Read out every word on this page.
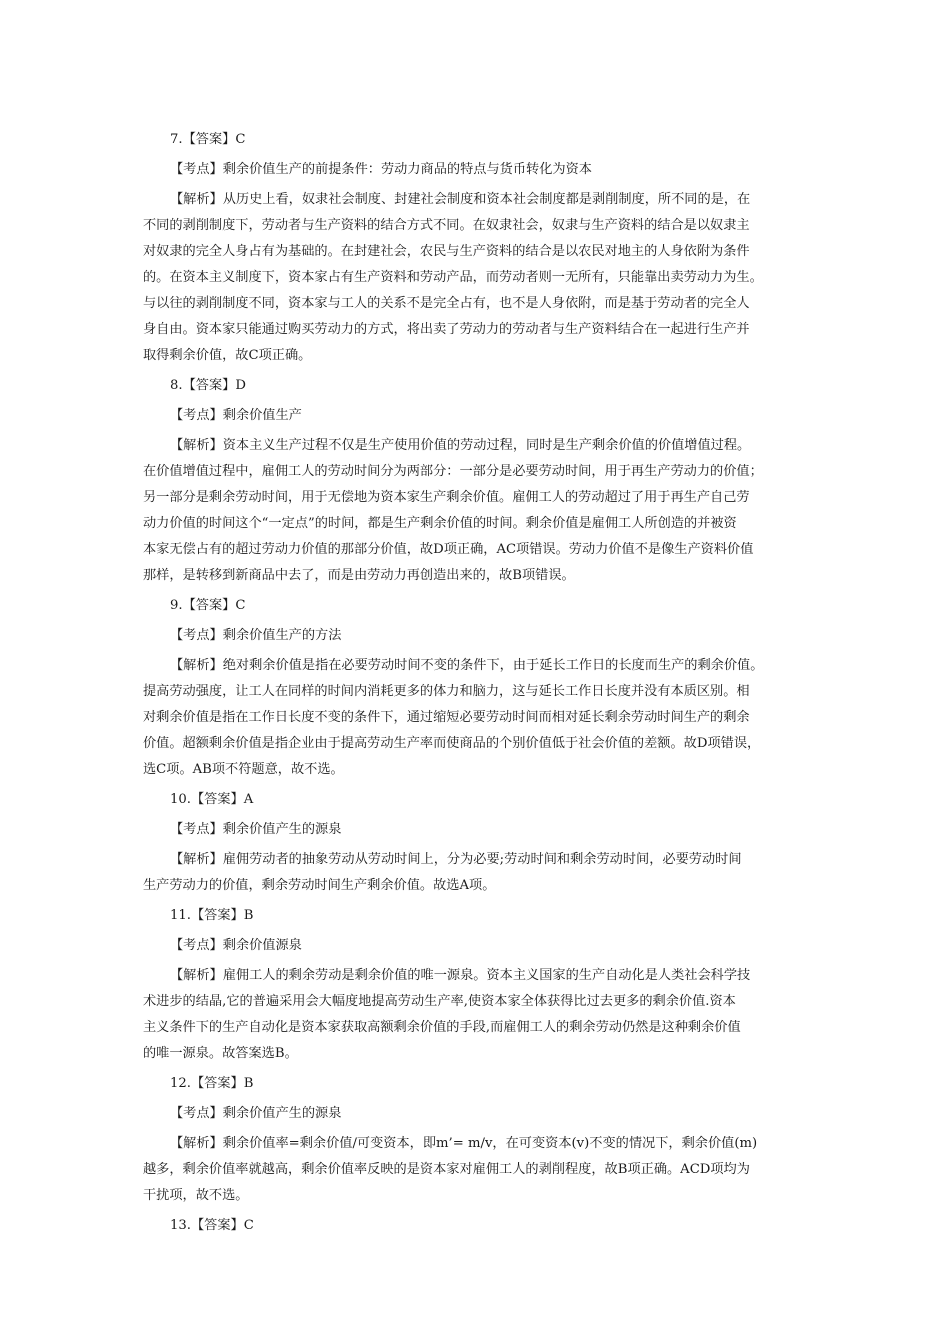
7.【答案】C
【考点】剩余价值生产的前提条件：劳动力商品的特点与货币转化为资本
【解析】从历史上看，奴隶社会制度、封建社会制度和资本社会制度都是剥削制度，所不同的是，在
不同的剥削制度下，劳动者与生产资料的结合方式不同。在奴隶社会，奴隶与生产资料的结合是以奴隶主
对奴隶的完全人身占有为基础的。在封建社会，农民与生产资料的结合是以农民对地主的人身依附为条件
的。在资本主义制度下，资本家占有生产资料和劳动产品，而劳动者则一无所有，只能靠出卖劳动力为生。
与以往的剥削制度不同，资本家与工人的关系不是完全占有，也不是人身依附，而是基于劳动者的完全人
身自由。资本家只能通过购买劳动力的方式，将出卖了劳动力的劳动者与生产资料结合在一起进行生产并
取得剩余价值，故C项正确。
8.【答案】D
【考点】剩余价值生产
【解析】资本主义生产过程不仅是生产使用价值的劳动过程，同时是生产剩余价值的价值增值过程。
在价值增值过程中，雇佣工人的劳动时间分为两部分：一部分是必要劳动时间，用于再生产劳动力的价值；
另一部分是剩余劳动时间，用于无偿地为资本家生产剩余价值。雇佣工人的劳动超过了用于再生产自己劳
动力价值的时间这个“一定点”的时间，都是生产剩余价值的时间。剩余价值是雇佣工人所创造的并被资
本家无偿占有的超过劳动力价值的那部分价值，故D项正确，AC项错误。劳动力价值不是像生产资料价值
那样，是转移到新商品中去了，而是由劳动力再创造出来的，故B项错误。
9.【答案】C
【考点】剩余价值生产的方法
【解析】绝对剩余价值是指在必要劳动时间不变的条件下，由于延长工作日的长度而生产的剩余价值。
提高劳动强度，让工人在同样的时间内消耗更多的体力和脑力，这与延长工作日长度并没有本质区别。相
对剩余价值是指在工作日长度不变的条件下，通过缩短必要劳动时间而相对延长剩余劳动时间生产的剩余
价值。超额剩余价值是指企业由于提高劳动生产率而使商品的个别价值低于社会价值的差额。故D项错误，
选C项。AB项不符题意，故不选。
10.【答案】A
【考点】剩余价值产生的源泉
【解析】雇佣劳动者的抽象劳动从劳动时间上，分为必要;劳动时间和剩余劳动时间，必要劳动时间
生产劳动力的价值，剩余劳动时间生产剩余价值。故选A项。
11.【答案】B
【考点】剩余价值源泉
【解析】雇佣工人的剩余劳动是剩余价值的唯一源泉。资本主义国家的生产自动化是人类社会科学技
术进步的结晶,它的普遍采用会大幅度地提高劳动生产率,使资本家全体获得比过去更多的剩余价值.资本
主义条件下的生产自动化是资本家获取高额剩余价值的手段,而雇佣工人的剩余劳动仍然是这种剩余价值
的唯一源泉。故答案选B。
12.【答案】B
【考点】剩余价值产生的源泉
【解析】剩余价值率=剩余价值/可变资本，即m’= m/v，在可变资本(v)不变的情况下，剩余价值(m)
越多，剩余价值率就越高，剩余价值率反映的是资本家对雇佣工人的剥削程度，故B项正确。ACD项均为
干扰项，故不选。
13.【答案】C
